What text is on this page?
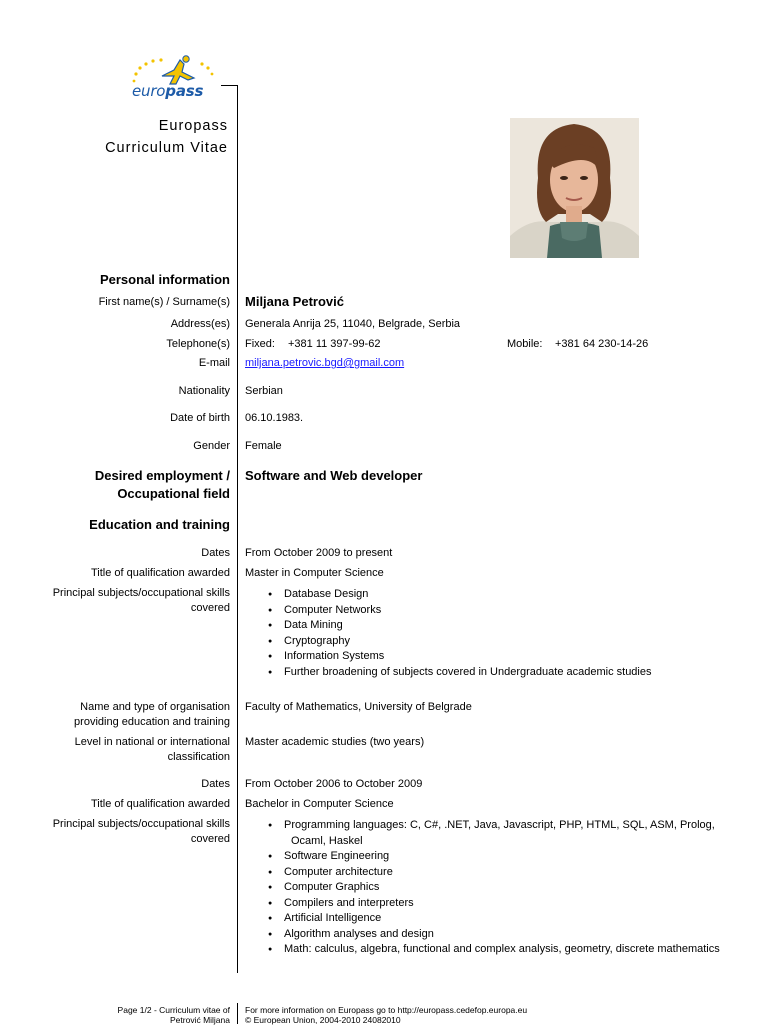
europass
Europass
Curriculum Vitae
Personal information
First name(s) / Surname(s) Miljana Petrović
Address(es) Generala Anrija 25, 11040, Belgrade, Serbia
Telephone(s) Fixed: +381 11 397-99-62	Mobile: +381 64 230-14-26
E-mail miljana.petrovic.bgd@gmail.com
Nationality Serbian
Date of birth 06.10.1983.
Gender Female
Desired employment /
Occupational field
Software and Web developer
Education and training
Dates From October 2009 to present
Title of qualification awarded Master in Computer Science
Principal subjects/occupational skills
covered
● Database Design
● Computer Networks
● Data Mining
● Cryptography
● Information Systems
● Further broadening of subjects covered in Undergraduate academic studies
Name and type of organisation
providing education and training
Faculty of Mathematics, University of Belgrade
Level in national or international
classification
Master academic studies (two years)
Dates From October 2006 to October 2009
Title of qualification awarded Bachelor in Computer Science
Principal subjects/occupational skills
covered
● Programming languages: C, C#, .NET, Java, Javascript, PHP, HTML, SQL, ASM, Prolog,
Ocaml, Haskel
● Software Engineering
● Computer architecture
● Computer Graphics
● Compilers and interpreters
● Artificial Intelligence
● Algorithm analyses and design
● Math: calculus, algebra, functional and complex analysis, geometry, discrete mathematics
Page 1/2 - Curriculum vitae of
Petrović Miljana
For more information on Europass go to http://europass.cedefop.europa.eu
© European Union, 2004-2010 24082010
